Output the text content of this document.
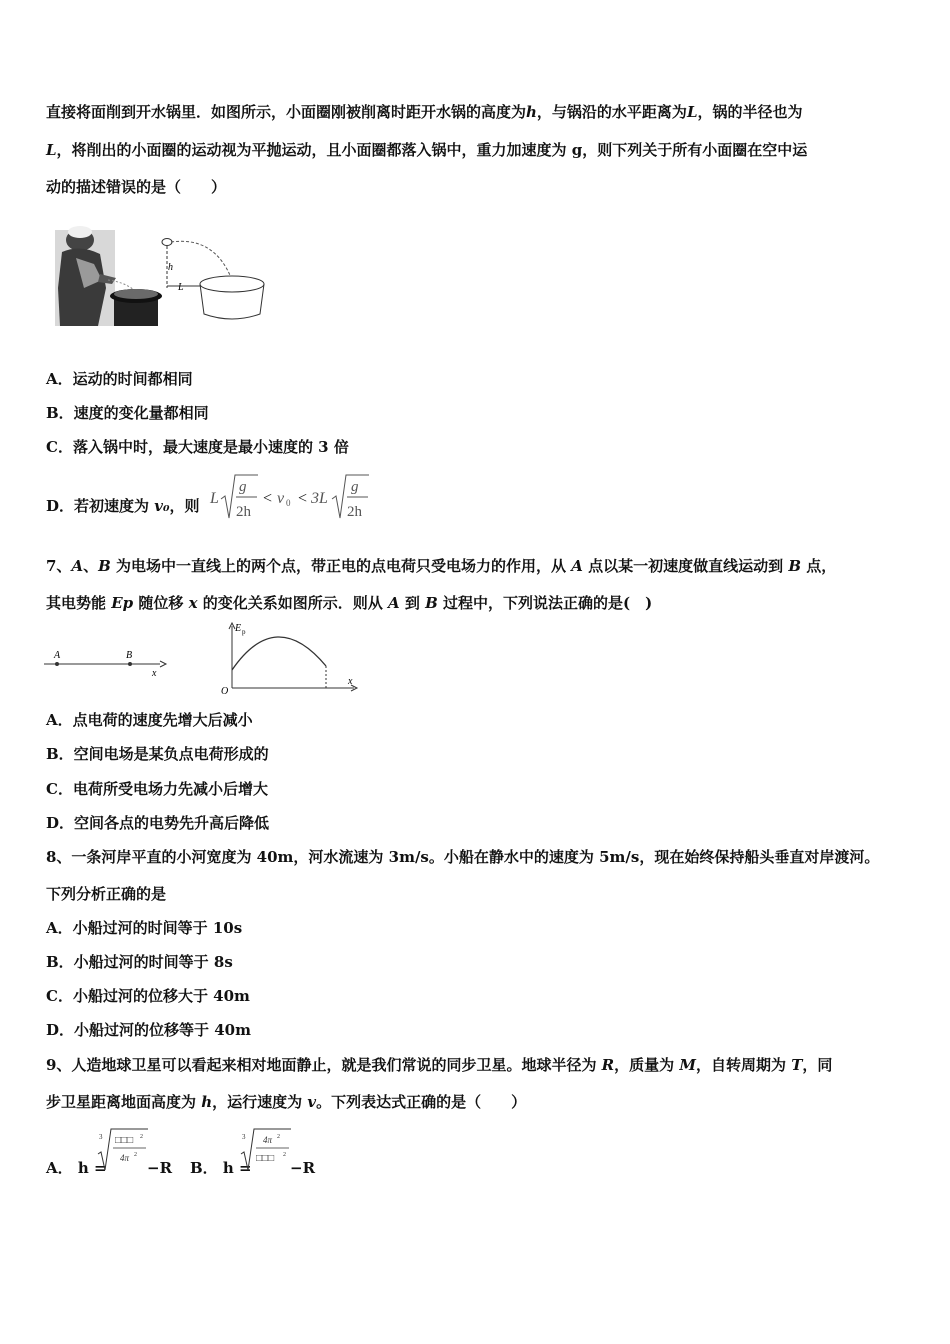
直接将面削到开水锅里．如图所示，小面圈刚被削离时距开水锅的高度为h，与锅沿的水平距离为L，锅的半径也为
L，将削出的小面圈的运动视为平抛运动，且小面圈都落入锅中，重力加速度为 g，则下列关于所有小面圈在空中运
动的描述错误的是（　　）
h
L
A．运动的时间都相同
B．速度的变化量都相同
C．落入锅中时，最大速度是最小速度的 3 倍
D．若初速度为 v₀，则 L
g
2h
< v 0 < 3L
g
2h
7、A、B 为电场中一直线上的两个点，带正电的点电荷只受电场力的作用，从 A 点以某一初速度做直线运动到 B 点，
其电势能 Ep 随位移 x 的变化关系如图所示．则从 A 到 B 过程中，下列说法正确的是(　)
A	B
x
E p
O
x
A．点电荷的速度先增大后减小
B．空间电场是某负点电荷形成的
C．电荷所受电场力先减小后增大
D．空间各点的电势先升高后降低
8、一条河岸平直的小河宽度为 40m，河水流速为 3m/s。小船在静水中的速度为 5m/s，现在始终保持船头垂直对岸渡河。
下列分析正确的是
A．小船过河的时间等于 10s
B．小船过河的时间等于 8s
C．小船过河的位移大于 40m
D．小船过河的位移等于 40m
9、人造地球卫星可以看起来相对地面静止，就是我们常说的同步卫星。地球半径为 R，质量为 M，自转周期为 T，同
步卫星距离地面高度为 h，运行速度为 v。下列表达式正确的是（　　）
A． h =
3 □□□ 2
4π 2
−R B． h =
3 4π 2
□□□ 2
−R
